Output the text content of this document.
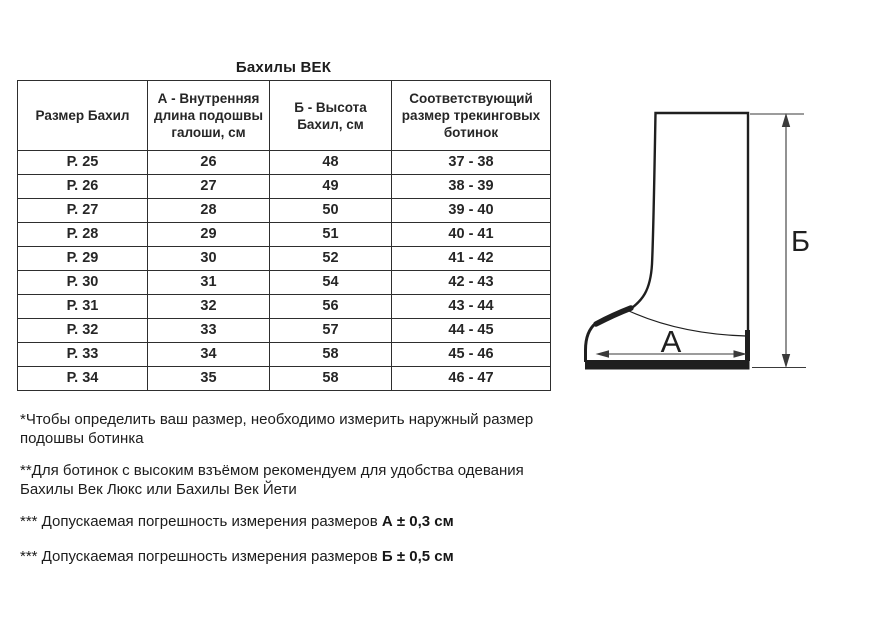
Бахилы ВЕК
Размер Бахил	А - Внутренняя длина подошвы галоши, см	Б - Высота Бахил, см	Соответствующий размер трекинговых ботинок
Р. 25	26	48	37 - 38
Р. 26	27	49	38 - 39
Р. 27	28	50	39 - 40
Р. 28	29	51	40 - 41
Р. 29	30	52	41 - 42
Р. 30	31	54	42 - 43
Р. 31	32	56	43 - 44
Р. 32	33	57	44 - 45
Р. 33	34	58	45 - 46
Р. 34	35	58	46 - 47

*Чтобы определить ваш размер, необходимо измерить наружный размер подошвы ботинка

**Для ботинок с высоким взъёмом рекомендуем для удобства одевания Бахилы Век Люкс или Бахилы Век Йети

*** Допускаемая погрешность измерения размеров А ± 0,3 см

*** Допускаемая погрешность измерения размеров Б ± 0,5 см

А
Б
